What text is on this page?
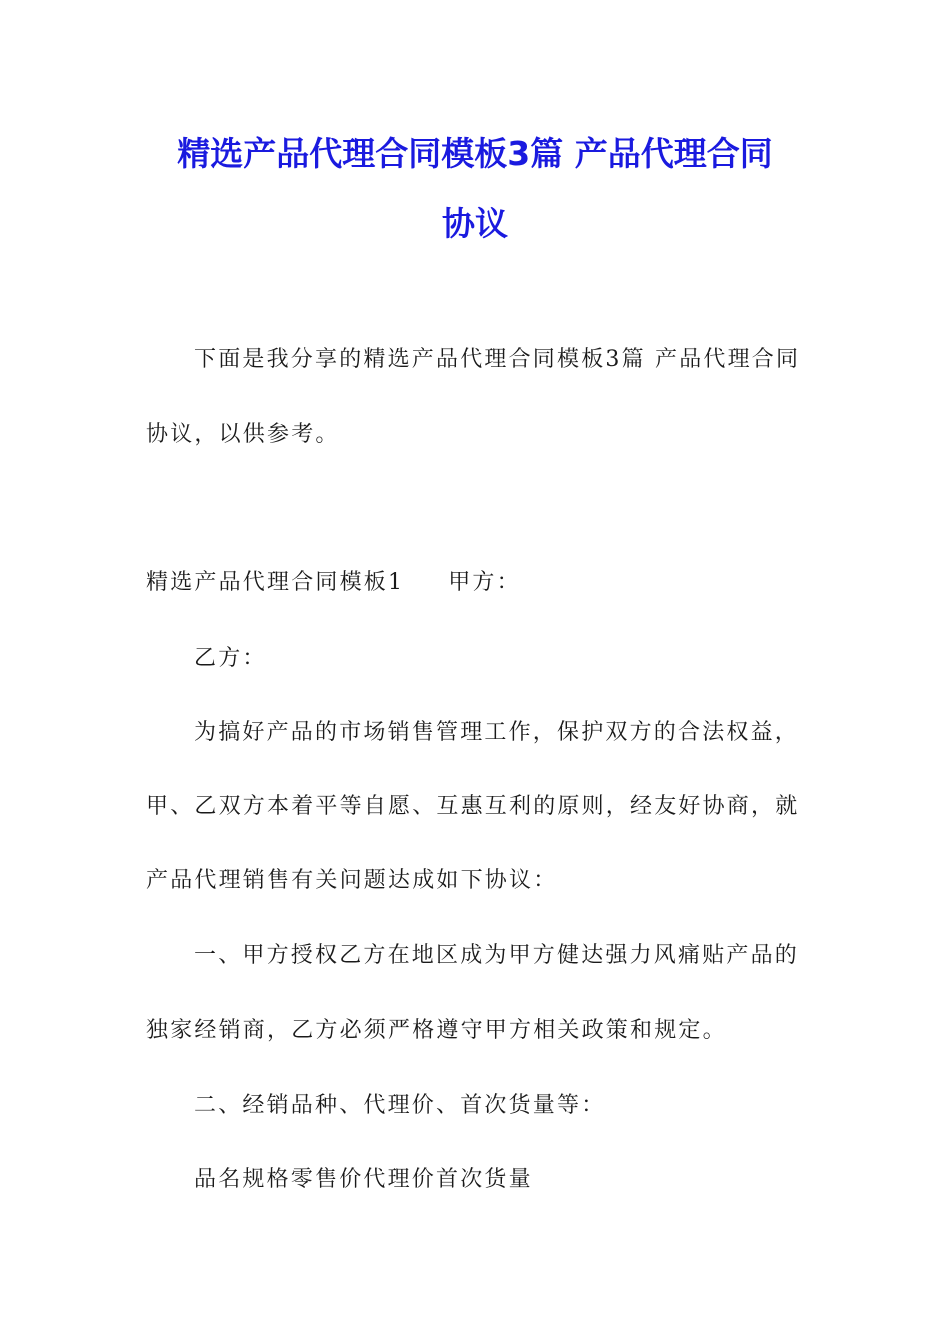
精选产品代理合同模板3篇 产品代理合同
协议
下面是我分享的精选产品代理合同模板3篇 产品代理合同
协议，以供参考。
精选产品代理合同模板1 甲方：
乙方：
为搞好产品的市场销售管理工作，保护双方的合法权益，
甲、乙双方本着平等自愿、互惠互利的原则，经友好协商，就
产品代理销售有关问题达成如下协议：
一、甲方授权乙方在地区成为甲方健达强力风痛贴产品的
独家经销商，乙方必须严格遵守甲方相关政策和规定。
二、经销品种、代理价、首次货量等：
品名规格零售价代理价首次货量
